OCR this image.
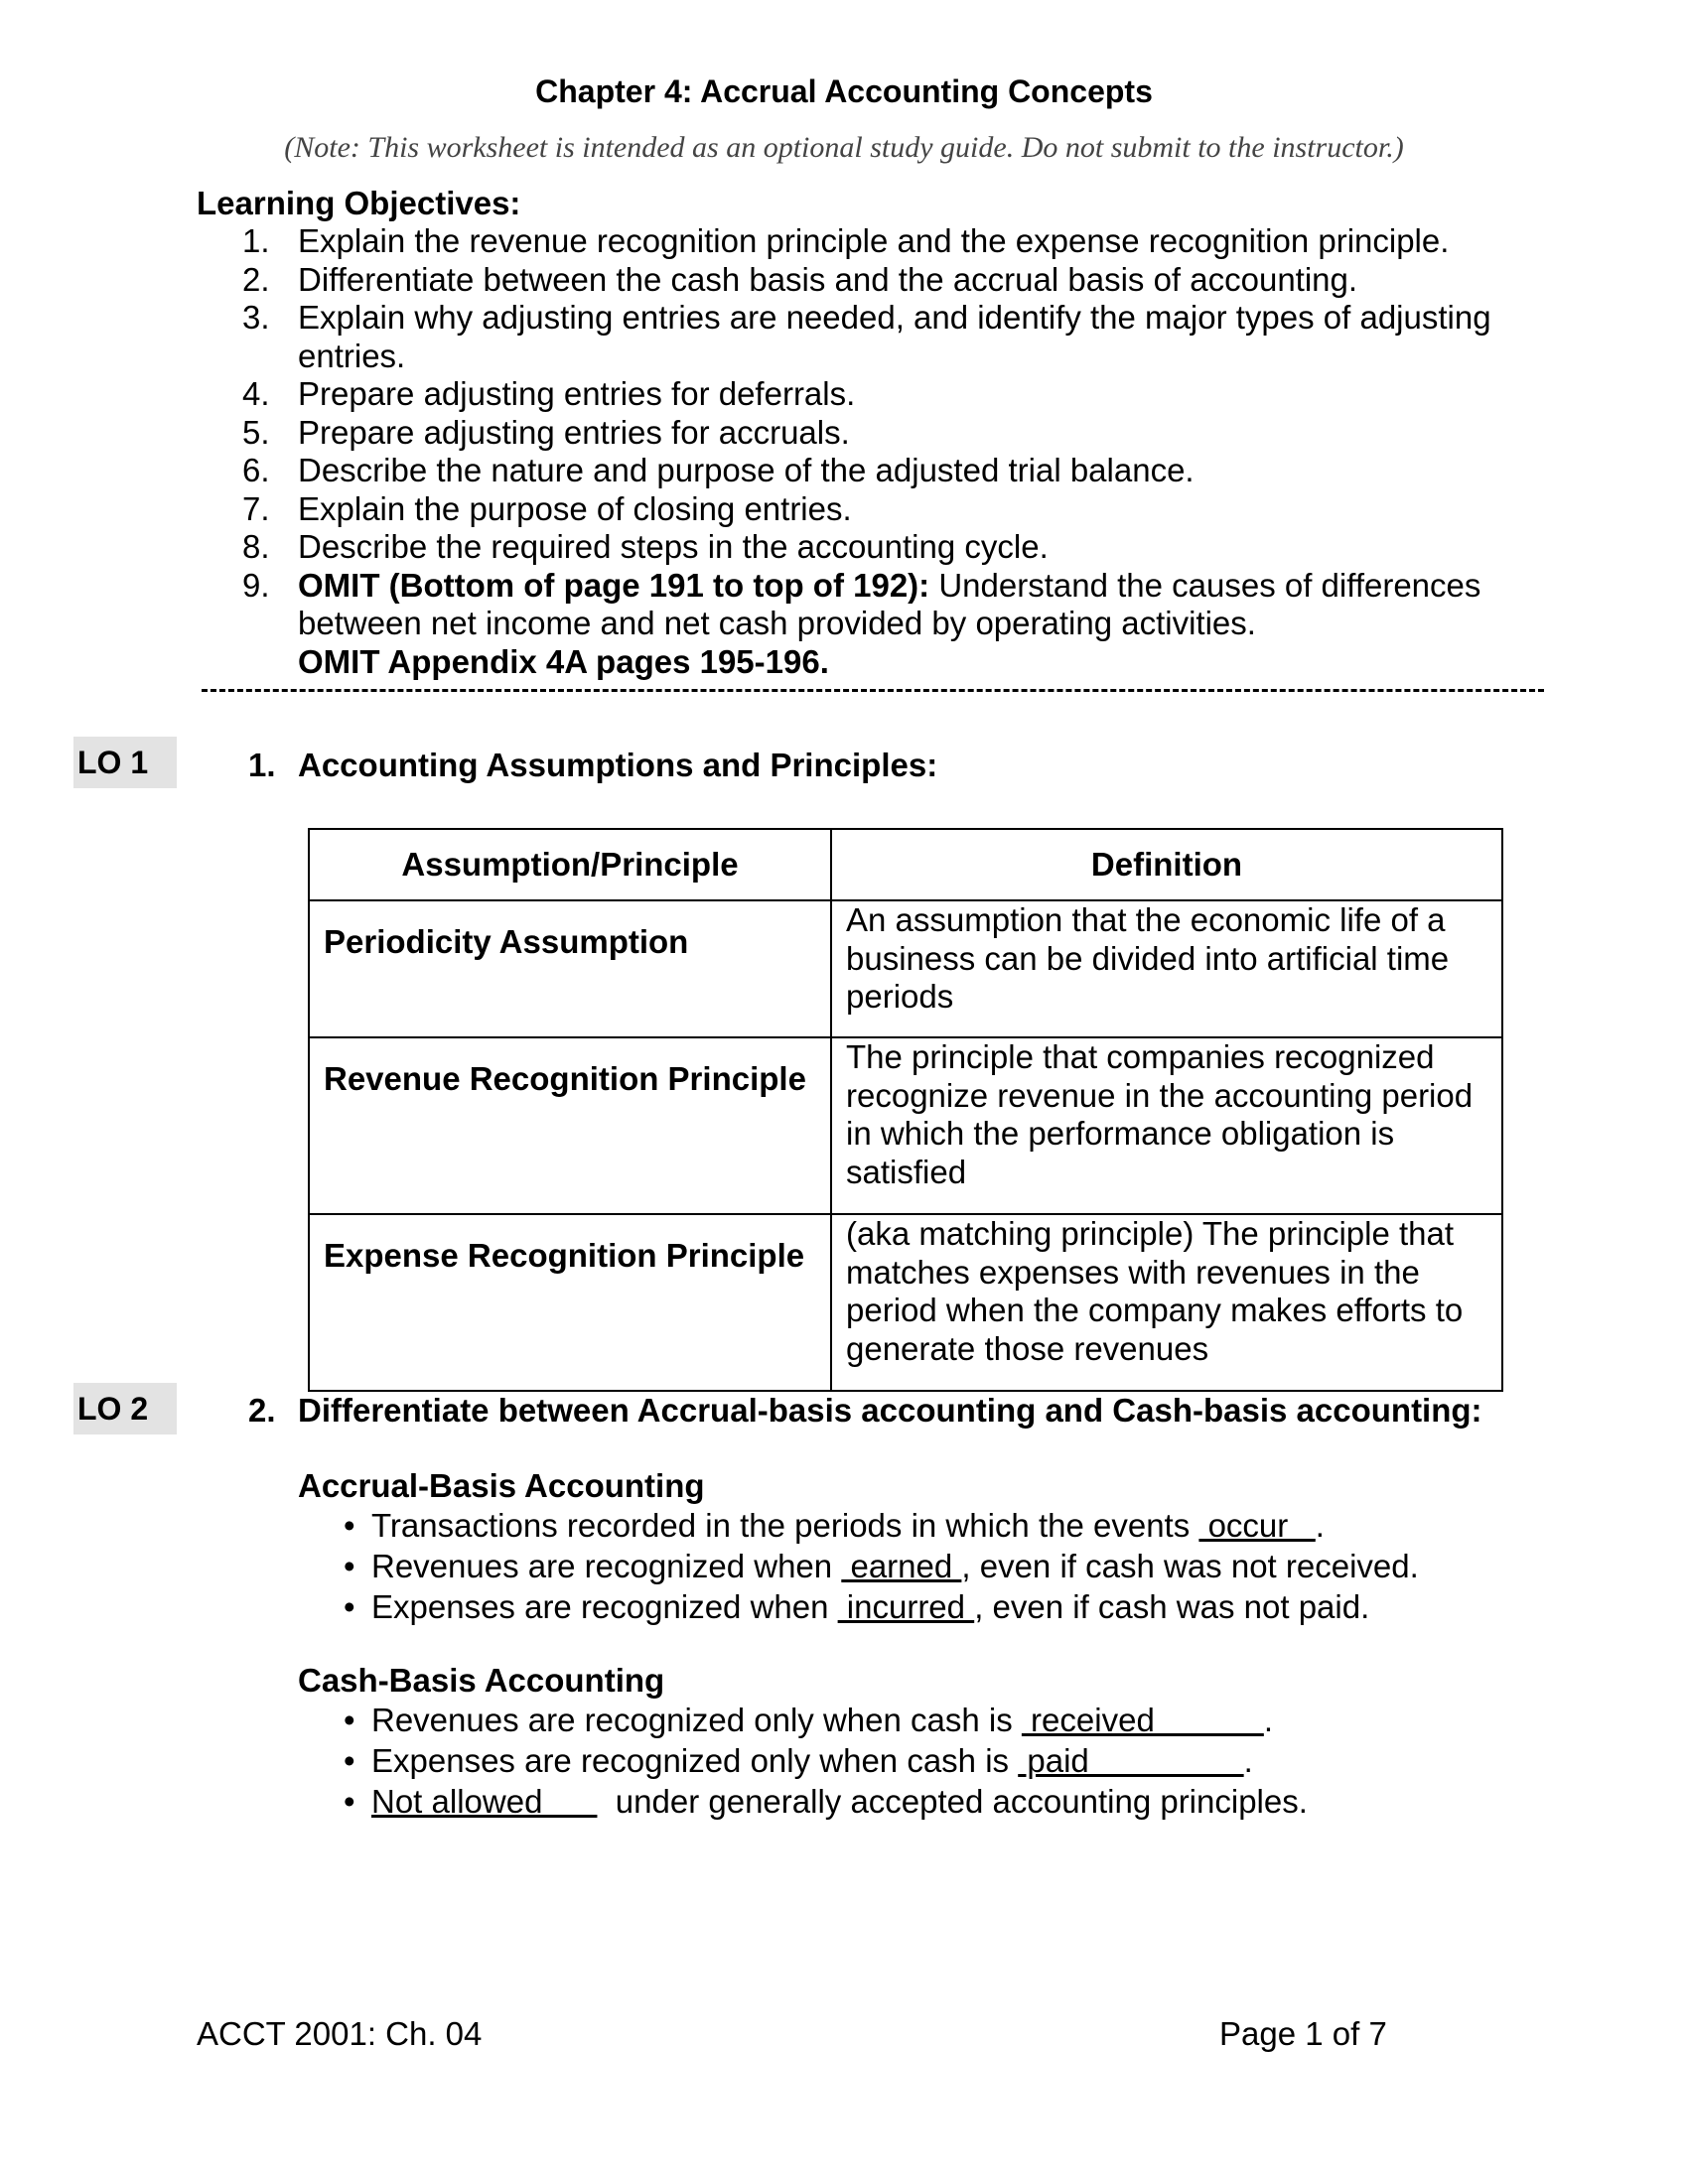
Chapter 4: Accrual Accounting Concepts
(Note: This worksheet is intended as an optional study guide. Do not submit to the instructor.)
Learning Objectives:
1. Explain the revenue recognition principle and the expense recognition principle.
2. Differentiate between the cash basis and the accrual basis of accounting.
3. Explain why adjusting entries are needed, and identify the major types of adjusting entries.
4. Prepare adjusting entries for deferrals.
5. Prepare adjusting entries for accruals.
6. Describe the nature and purpose of the adjusted trial balance.
7. Explain the purpose of closing entries.
8. Describe the required steps in the accounting cycle.
9. OMIT (Bottom of page 191 to top of 192): Understand the causes of differences between net income and net cash provided by operating activities.
OMIT Appendix 4A pages 195-196.
LO 1	1. Accounting Assumptions and Principles:
Assumption/Principle	Definition
Periodicity Assumption	An assumption that the economic life of a business can be divided into artificial time periods
Revenue Recognition Principle	The principle that companies recognized recognize revenue in the accounting period in which the performance obligation is satisfied
Expense Recognition Principle	(aka matching principle) The principle that matches expenses with revenues in the period when the company makes efforts to generate those revenues
LO 2	2. Differentiate between Accrual-basis accounting and Cash-basis accounting:
Accrual-Basis Accounting
• Transactions recorded in the periods in which the events  occur   .
• Revenues are recognized when  earned , even if cash was not received.
• Expenses are recognized when  incurred , even if cash was not paid.
Cash-Basis Accounting
• Revenues are recognized only when cash is  received            .
• Expenses are recognized only when cash is  paid                 .
• Not allowed        under generally accepted accounting principles.
ACCT 2001: Ch. 04	Page 1 of 7
